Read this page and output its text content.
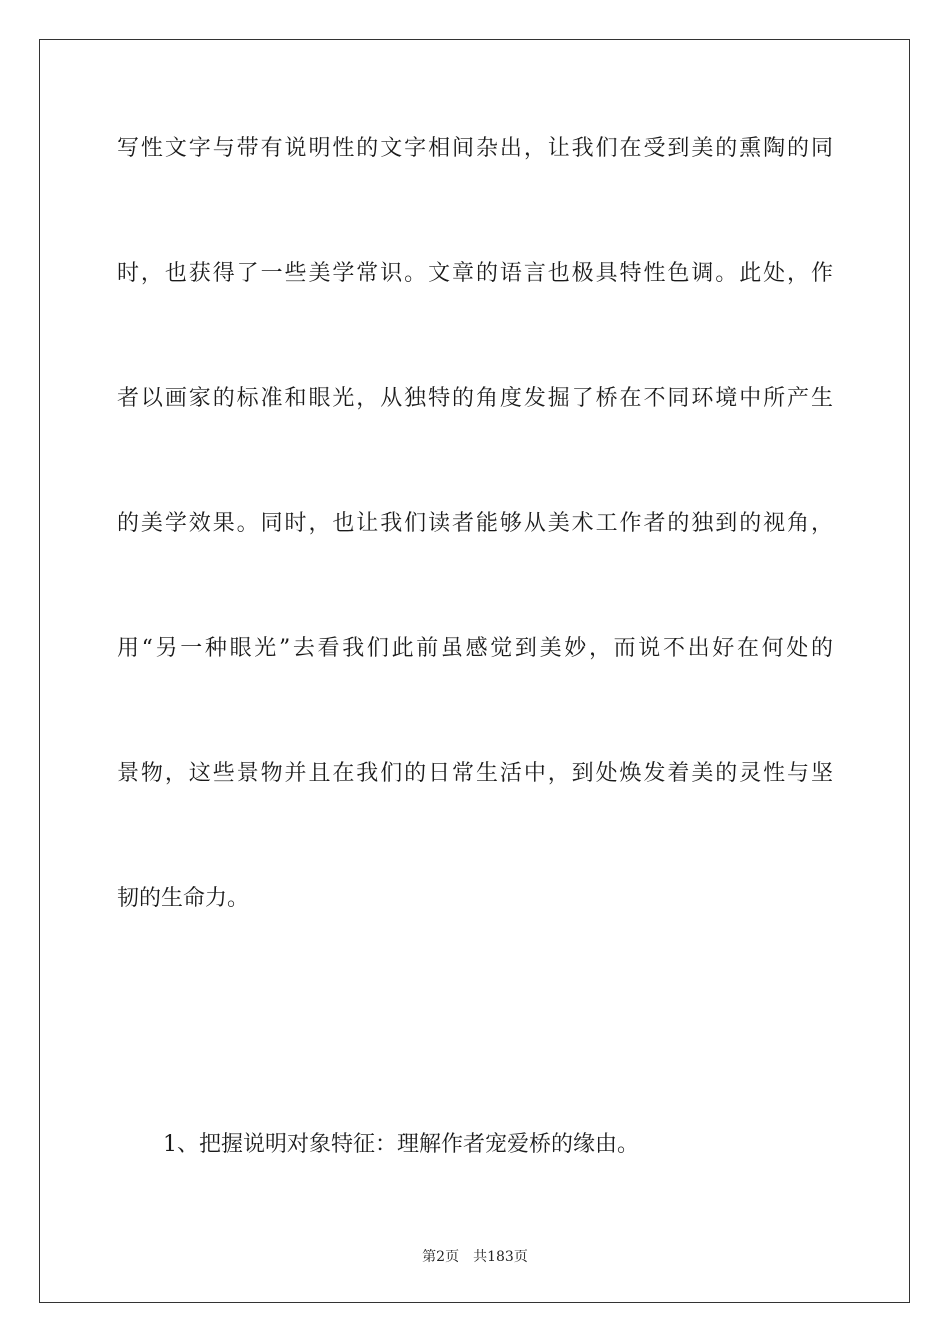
写性文字与带有说明性的文字相间杂出，让我们在受到美的熏陶的同
时，也获得了一些美学常识。文章的语言也极具特性色调。此处，作
者以画家的标准和眼光，从独特的角度发掘了桥在不同环境中所产生
的美学效果。同时，也让我们读者能够从美术工作者的独到的视角，
用“另一种眼光”去看我们此前虽感觉到美妙，而说不出好在何处的
景物，这些景物并且在我们的日常生活中，到处焕发着美的灵性与坚
韧的生命力。
1、把握说明对象特征：理解作者宠爱桥的缘由。
第2页 共183页
